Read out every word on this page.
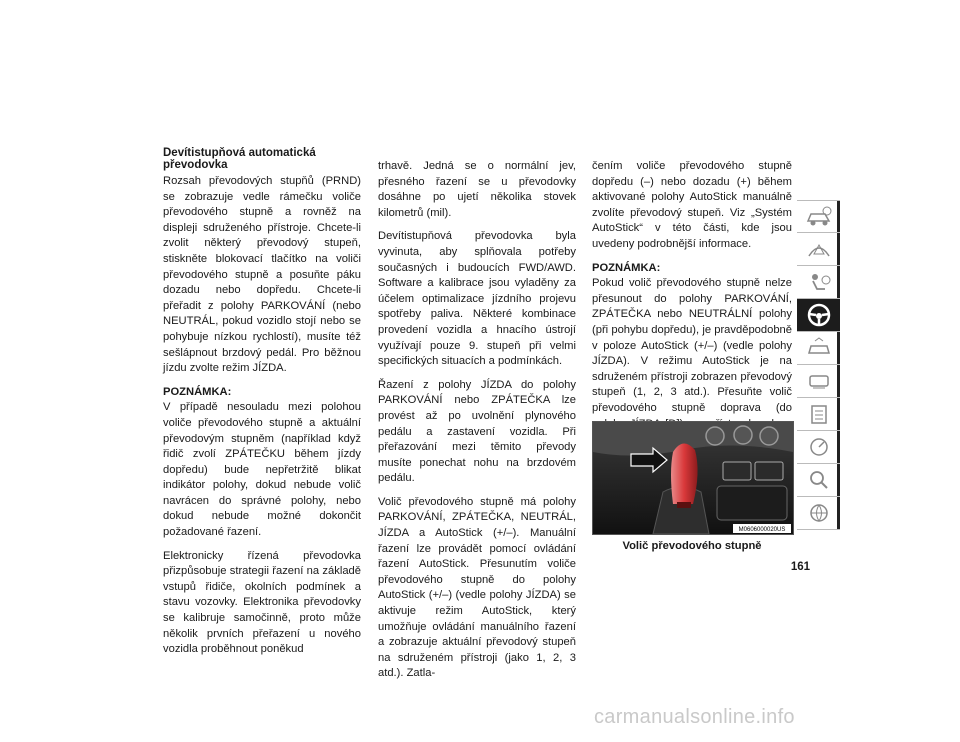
Devítistupňová automatická převodovka

Rozsah převodových stupňů (PRND) se zobrazuje vedle rámečku voliče převodového stupně a rovněž na displeji sdruženého přístroje. Chcete-li zvolit některý převodový stupeň, stiskněte blokovací tlačítko na voliči převodového stupně a posuňte páku dozadu nebo dopředu. Chcete-li přeřadit z polohy PARKOVÁNÍ (nebo NEUTRÁL, pokud vozidlo stojí nebo se pohybuje nízkou rychlostí), musíte též sešlápnout brzdový pedál. Pro běžnou jízdu zvolte režim JÍZDA.

POZNÁMKA:
V případě nesouladu mezi polohou voliče převodového stupně a aktuální převodovým stupněm (například když řidič zvolí ZPÁTEČKU během jízdy dopředu) bude nepřetržitě blikat indikátor polohy, dokud nebude volič navrácen do správné polohy, nebo dokud nebude možné dokončit požadované řazení.

Elektronicky řízená převodovka přizpůsobuje strategii řazení na základě vstupů řidiče, okolních podmínek a stavu vozovky. Elektronika převodovky se kalibruje samočinně, proto může několik prvních přeřazení u nového vozidla proběhnout poněkud

trhavě. Jedná se o normální jev, přesného řazení se u převodovky dosáhne po ujetí několika stovek kilometrů (mil).

Devítistupňová převodovka byla vyvinuta, aby splňovala potřeby současných i budoucích FWD/AWD. Software a kalibrace jsou vyladěny za účelem optimalizace jízdního projevu spotřeby paliva. Některé kombinace provedení vozidla a hnacího ústrojí využívají pouze 9. stupeň při velmi specifických situacích a podmínkách.

Řazení z polohy JÍZDA do polohy PARKOVÁNÍ nebo ZPÁTEČKA lze provést až po uvolnění plynového pedálu a zastavení vozidla. Při přeřazování mezi těmito převody musíte ponechat nohu na brzdovém pedálu.

Volič převodového stupně má polohy PARKOVÁNÍ, ZPÁTEČKA, NEUTRÁL, JÍZDA a AutoStick (+/–). Manuální řazení lze provádět pomocí ovládání řazení AutoStick. Přesunutím voliče převodového stupně do polohy AutoStick (+/–) (vedle polohy JÍZDA) se aktivuje režim AutoStick, který umožňuje ovládání manuálního řazení a zobrazuje aktuální převodový stupeň na sdruženém přístroji (jako 1, 2, 3 atd.). Zatla-

čením voliče převodového stupně dopředu (–) nebo dozadu (+) během aktivované polohy AutoStick manuálně zvolíte převodový stupeň. Viz „Systém AutoStick“ v této části, kde jsou uvedeny podrobnější informace.

POZNÁMKA:
Pokud volič převodového stupně nelze přesunout do polohy PARKOVÁNÍ, ZPÁTEČKA nebo NEUTRÁLNÍ polohy (při pohybu dopředu), je pravděpodobně v poloze AutoStick (+/–) (vedle polohy JÍZDA). V režimu AutoStick je na sdruženém přístroji zobrazen převodový stupeň (1, 2, 3 atd.). Přesuňte volič převodového stupně doprava (do

M0606000020US
Volič převodového stupně
161
carmanualsonline.info
